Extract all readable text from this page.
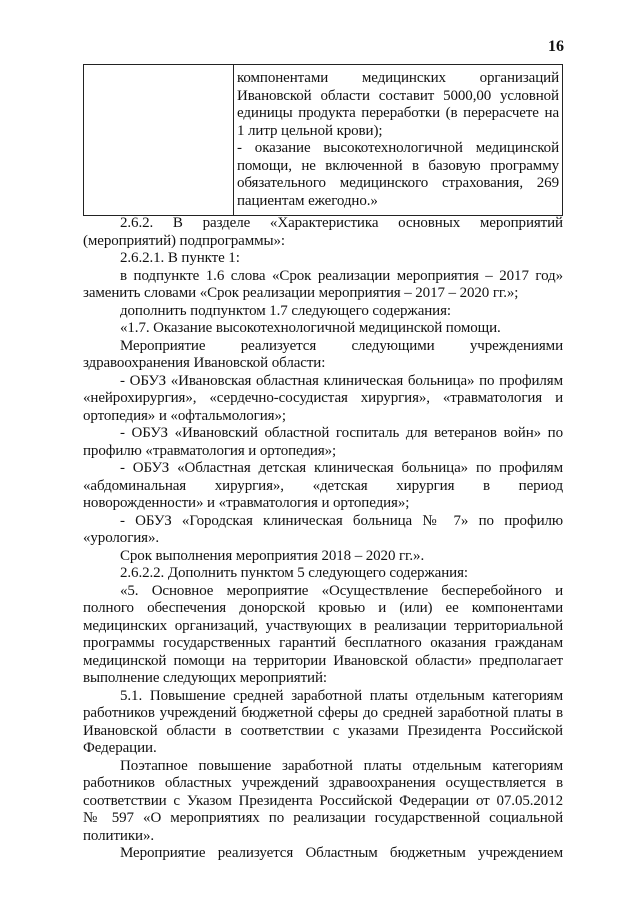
16
компонентами медицинских организаций
Ивановской области составит 5000,00 условной
единицы продукта переработки (в перерасчете на
1 литр цельной крови);
- оказание высокотехнологичной медицинской
помощи, не включенной в базовую программу
обязательного медицинского страхования, 269
пациентам ежегодно.»
2.6.2. В разделе «Характеристика основных мероприятий
(мероприятий) подпрограммы»:
2.6.2.1. В пункте 1:
в подпункте 1.6 слова «Срок реализации мероприятия – 2017 год»
заменить словами «Срок реализации мероприятия – 2017 – 2020 гг.»;
дополнить подпунктом 1.7 следующего содержания:
«1.7. Оказание высокотехнологичной медицинской помощи.
Мероприятие реализуется следующими учреждениями
здравоохранения Ивановской области:
- ОБУЗ «Ивановская областная клиническая больница» по профилям
«нейрохирургия», «сердечно-сосудистая хирургия», «травматология и
ортопедия» и «офтальмология»;
- ОБУЗ «Ивановский областной госпиталь для ветеранов войн» по
профилю «травматология и ортопедия»;
- ОБУЗ «Областная детская клиническая больница» по профилям
«абдоминальная хирургия», «детская хирургия в период
новорожденности» и «травматология и ортопедия»;
- ОБУЗ «Городская клиническая больница № 7» по профилю
«урология».
Срок выполнения мероприятия 2018 – 2020 гг.».
2.6.2.2. Дополнить пунктом 5 следующего содержания:
«5. Основное мероприятие «Осуществление бесперебойного и
полного обеспечения донорской кровью и (или) ее компонентами
медицинских организаций, участвующих в реализации территориальной
программы государственных гарантий бесплатного оказания гражданам
медицинской помощи на территории Ивановской области» предполагает
выполнение следующих мероприятий:
5.1. Повышение средней заработной платы отдельным категориям
работников учреждений бюджетной сферы до средней заработной платы в
Ивановской области в соответствии с указами Президента Российской
Федерации.
Поэтапное повышение заработной платы отдельным категориям
работников областных учреждений здравоохранения осуществляется в
соответствии с Указом Президента Российской Федерации от 07.05.2012
№ 597 «О мероприятиях по реализации государственной социальной
политики».
Мероприятие реализуется Областным бюджетным учреждением
